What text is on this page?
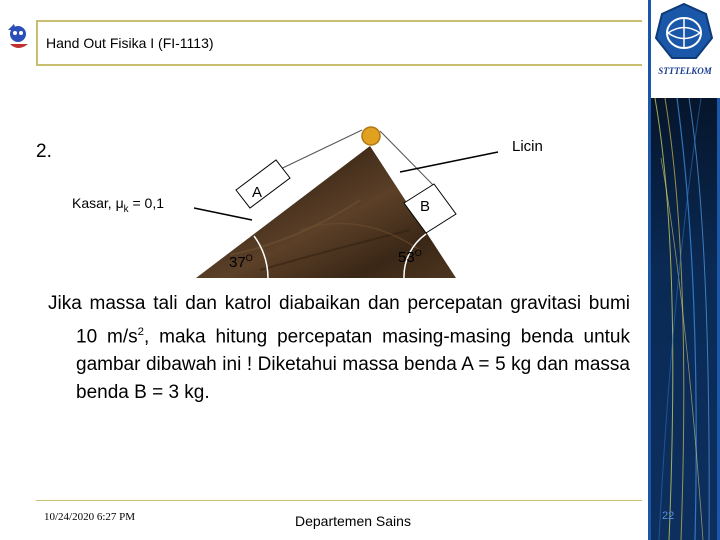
STTTELKOM
Hand Out Fisika I (FI-1113)
2.	Licin
Kasar, $\mu_k = 0,1$
A
B
$37^O$	$53^O$

Jika massa tali dan katrol diabaikan dan percepatan gravitasi bumi 10 $m/s^2$, maka hitung percepatan masing-masing benda untuk gambar dibawah ini ! Diketahui massa benda A = 5 kg dan massa benda B = 3 kg.

10/24/2020 6:27 PM	Departemen Sains	22
